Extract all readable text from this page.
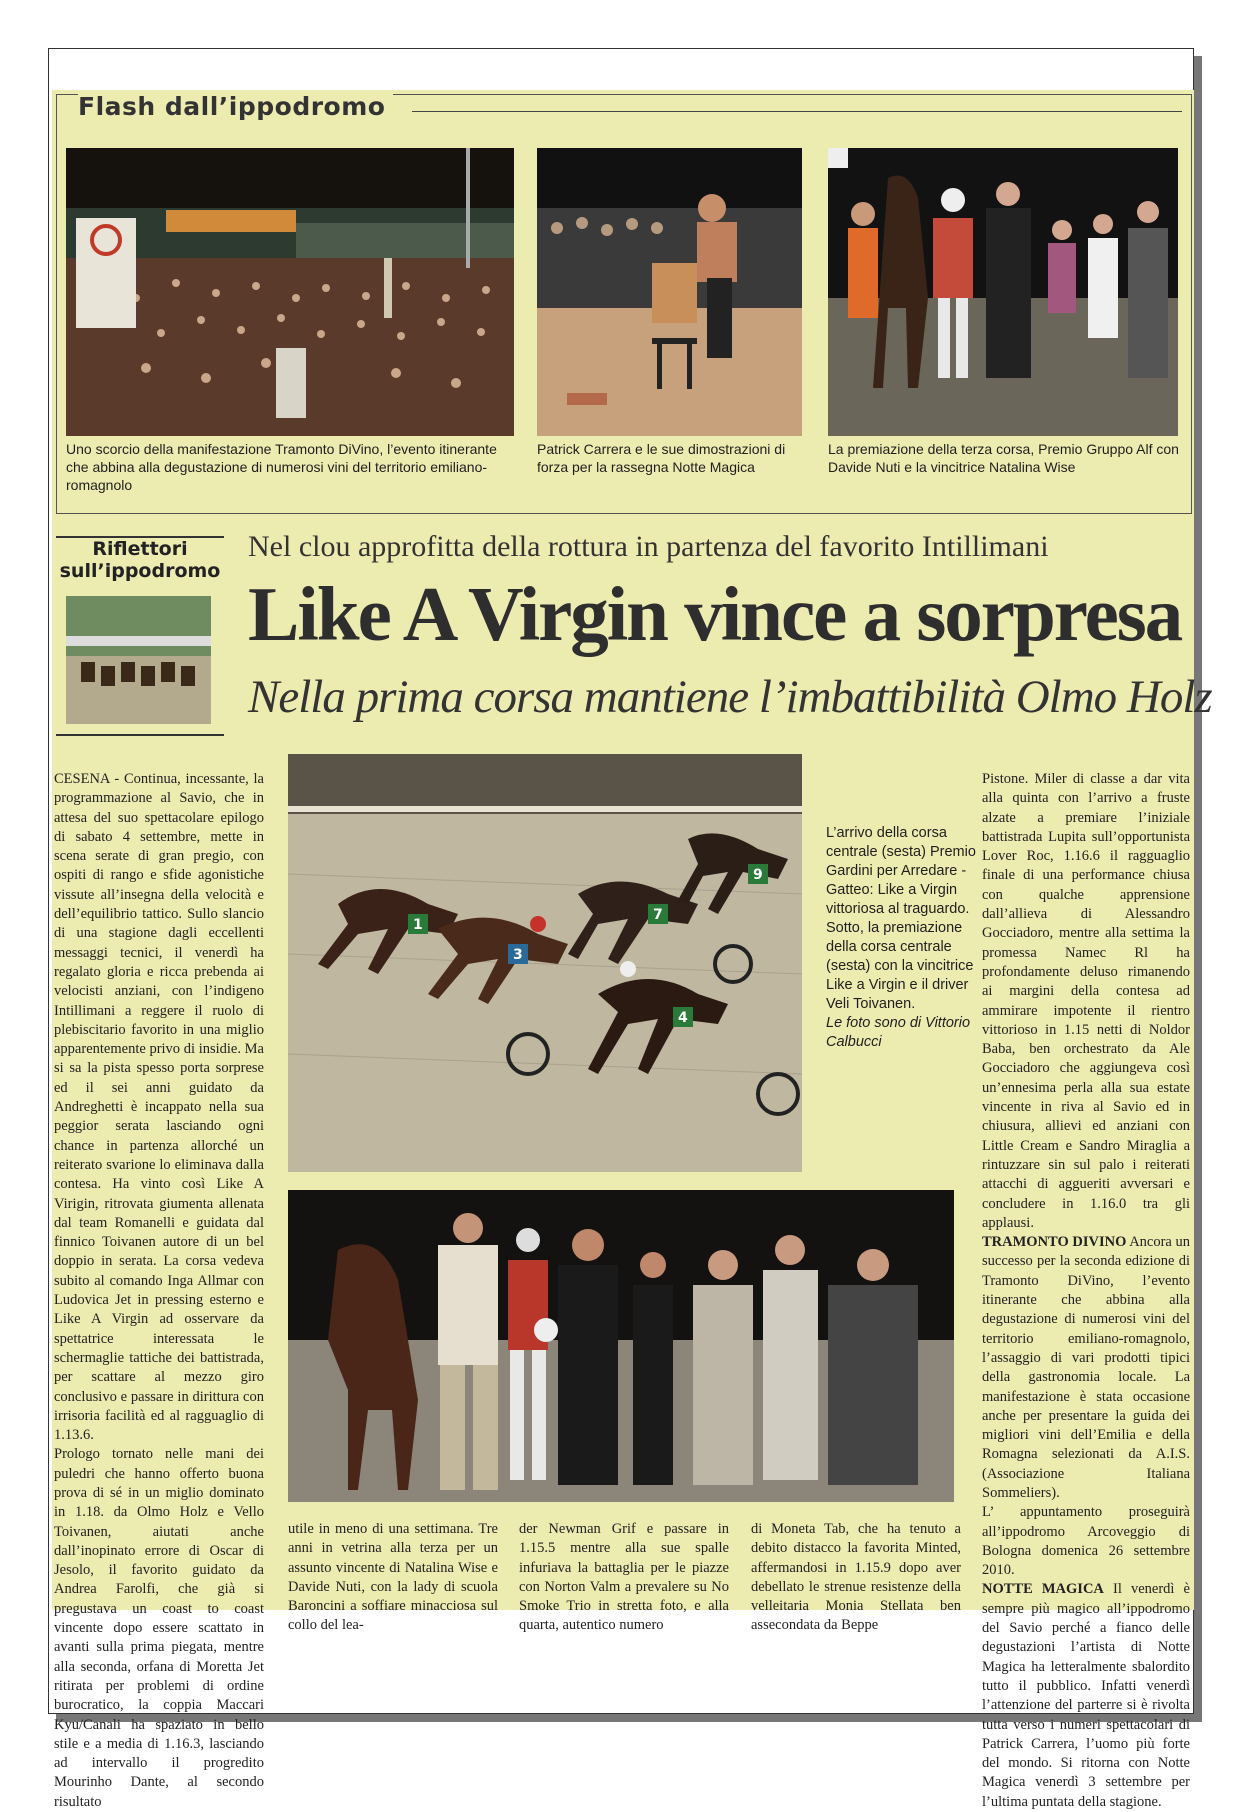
Flash dall’ippodromo
Uno scorcio della manifestazione Tramonto DiVino, l’evento itinerante che abbina alla degustazione di numerosi vini del territorio emiliano-romagnolo
Patrick Carrera e le sue dimostrazioni di forza per la rassegna Notte Magica
La premiazione della terza corsa, Premio Gruppo Alf con Davide Nuti e la vincitrice Natalina Wise
Riflettori sull’ippodromo
Nel clou approfitta della rottura in partenza del favorito Intillimani
Like A Virgin vince a sorpresa
Nella prima corsa mantiene l’imbattibilità Olmo Holz
1
3
7
9
4
L’arrivo della corsa centrale (sesta) Premio Gardini per Arredare - Gatteo: Like a Virgin vittoriosa al traguardo. Sotto, la premiazione della corsa centrale (sesta) con la vincitrice Like a Virgin e il driver Veli Toivanen.
Le foto sono di Vittorio Calbucci

CESENA - Continua, incessante, la programmazione al Savio, che in attesa del suo spettacolare epilogo di sabato 4 settembre, mette in scena serate di gran pregio, con ospiti di rango e sfide agonistiche vissute all’insegna della velocità e dell’equilibrio tattico. Sullo slancio di una stagione dagli eccellenti messaggi tecnici, il venerdì ha regalato gloria e ricca prebenda ai velocisti anziani, con l’indigeno Intillimani a reggere il ruolo di plebiscitario favorito in una miglio apparentemente privo di insidie. Ma si sa la pista spesso porta sorprese ed il sei anni guidato da Andreghetti è incappato nella sua peggior serata lasciando ogni chance in partenza allorché un reiterato svarione lo eliminava dalla contesa. Ha vinto così Like A Virigin, ritrovata giumenta allenata dal team Romanelli e guidata dal finnico Toivanen autore di un bel doppio in serata. La corsa vedeva subito al comando Inga Allmar con Ludovica Jet in pressing esterno e Like A Virgin ad osservare da spettatrice interessata le schermaglie tattiche dei battistrada, per scattare al mezzo giro conclusivo e passare in dirittura con irrisoria facilità ed al ragguaglio di 1.13.6.

Prologo tornato nelle mani dei puledri che hanno offerto buona prova di sé in un miglio dominato in 1.18. da Olmo Holz e Vello Toivanen, aiutati anche dall’inopinato errore di Oscar di Jesolo, il favorito guidato da Andrea Farolfi, che già si pregustava un coast to coast vincente dopo essere scattato in avanti sulla prima piegata, mentre alla seconda, orfana di Moretta Jet ritirata per problemi di ordine burocratico, la coppia Maccari Kyu/Canali ha spaziato in bello stile e a media di 1.16.3, lasciando ad intervallo il progredito Mourinho Dante, al secondo risultato

utile in meno di una settimana. Tre anni in vetrina alla terza per un assunto vincente di Natalina Wise e Davide Nuti, con la lady di scuola Baroncini a soffiare minacciosa sul collo del lea-

der Newman Grif e passare in 1.15.5 mentre alla sue spalle infuriava la battaglia per le piazze con Norton Valm a prevalere su No Smoke Trio in stretta foto, e alla quarta, autentico numero

di Moneta Tab, che ha tenuto a debito distacco la favorita Minted, affermandosi in 1.15.9 dopo aver debellato le strenue resistenze della velleitaria Monia Stellata ben assecondata da Beppe

Pistone. Miler di classe a dar vita alla quinta con l’arrivo a fruste alzate a premiare l’iniziale battistrada Lupita sull’opportunista Lover Roc, 1.16.6 il ragguaglio finale di una performance chiusa con qualche apprensione dall’allieva di Alessandro Gocciadoro, mentre alla settima la promessa Namec Rl ha profondamente deluso rimanendo ai margini della contesa ad ammirare impotente il rientro vittorioso in 1.15 netti di Noldor Baba, ben orchestrato da Ale Gocciadoro che aggiungeva così un’ennesima perla alla sua estate vincente in riva al Savio ed in chiusura, allievi ed anziani con Little Cream e Sandro Miraglia a rintuzzare sin sul palo i reiterati attacchi di aggueriti avversari e concludere in 1.16.0 tra gli applausi.

TRAMONTO DIVINO Ancora un successo per la seconda edizione di Tramonto DiVino, l’evento itinerante che abbina alla degustazione di numerosi vini del territorio emiliano-romagnolo, l’assaggio di vari prodotti tipici della gastronomia locale. La manifestazione è stata occasione anche per presentare la guida dei migliori vini dell’Emilia e della Romagna selezionati da A.I.S. (Associazione Italiana Sommeliers).

L’ appuntamento proseguirà all’ippodromo Arcoveggio di Bologna domenica 26 settembre 2010.

NOTTE MAGICA Il venerdì è sempre più magico all’ippodromo del Savio perché a fianco delle degustazioni l’artista di Notte Magica ha letteralmente sbalordito tutto il pubblico. Infatti venerdì l’attenzione del parterre si è rivolta tutta verso i numeri spettacolari di Patrick Carrera, l’uomo più forte del mondo. Si ritorna con Notte Magica venerdì 3 settembre per l’ultima puntata della stagione.
